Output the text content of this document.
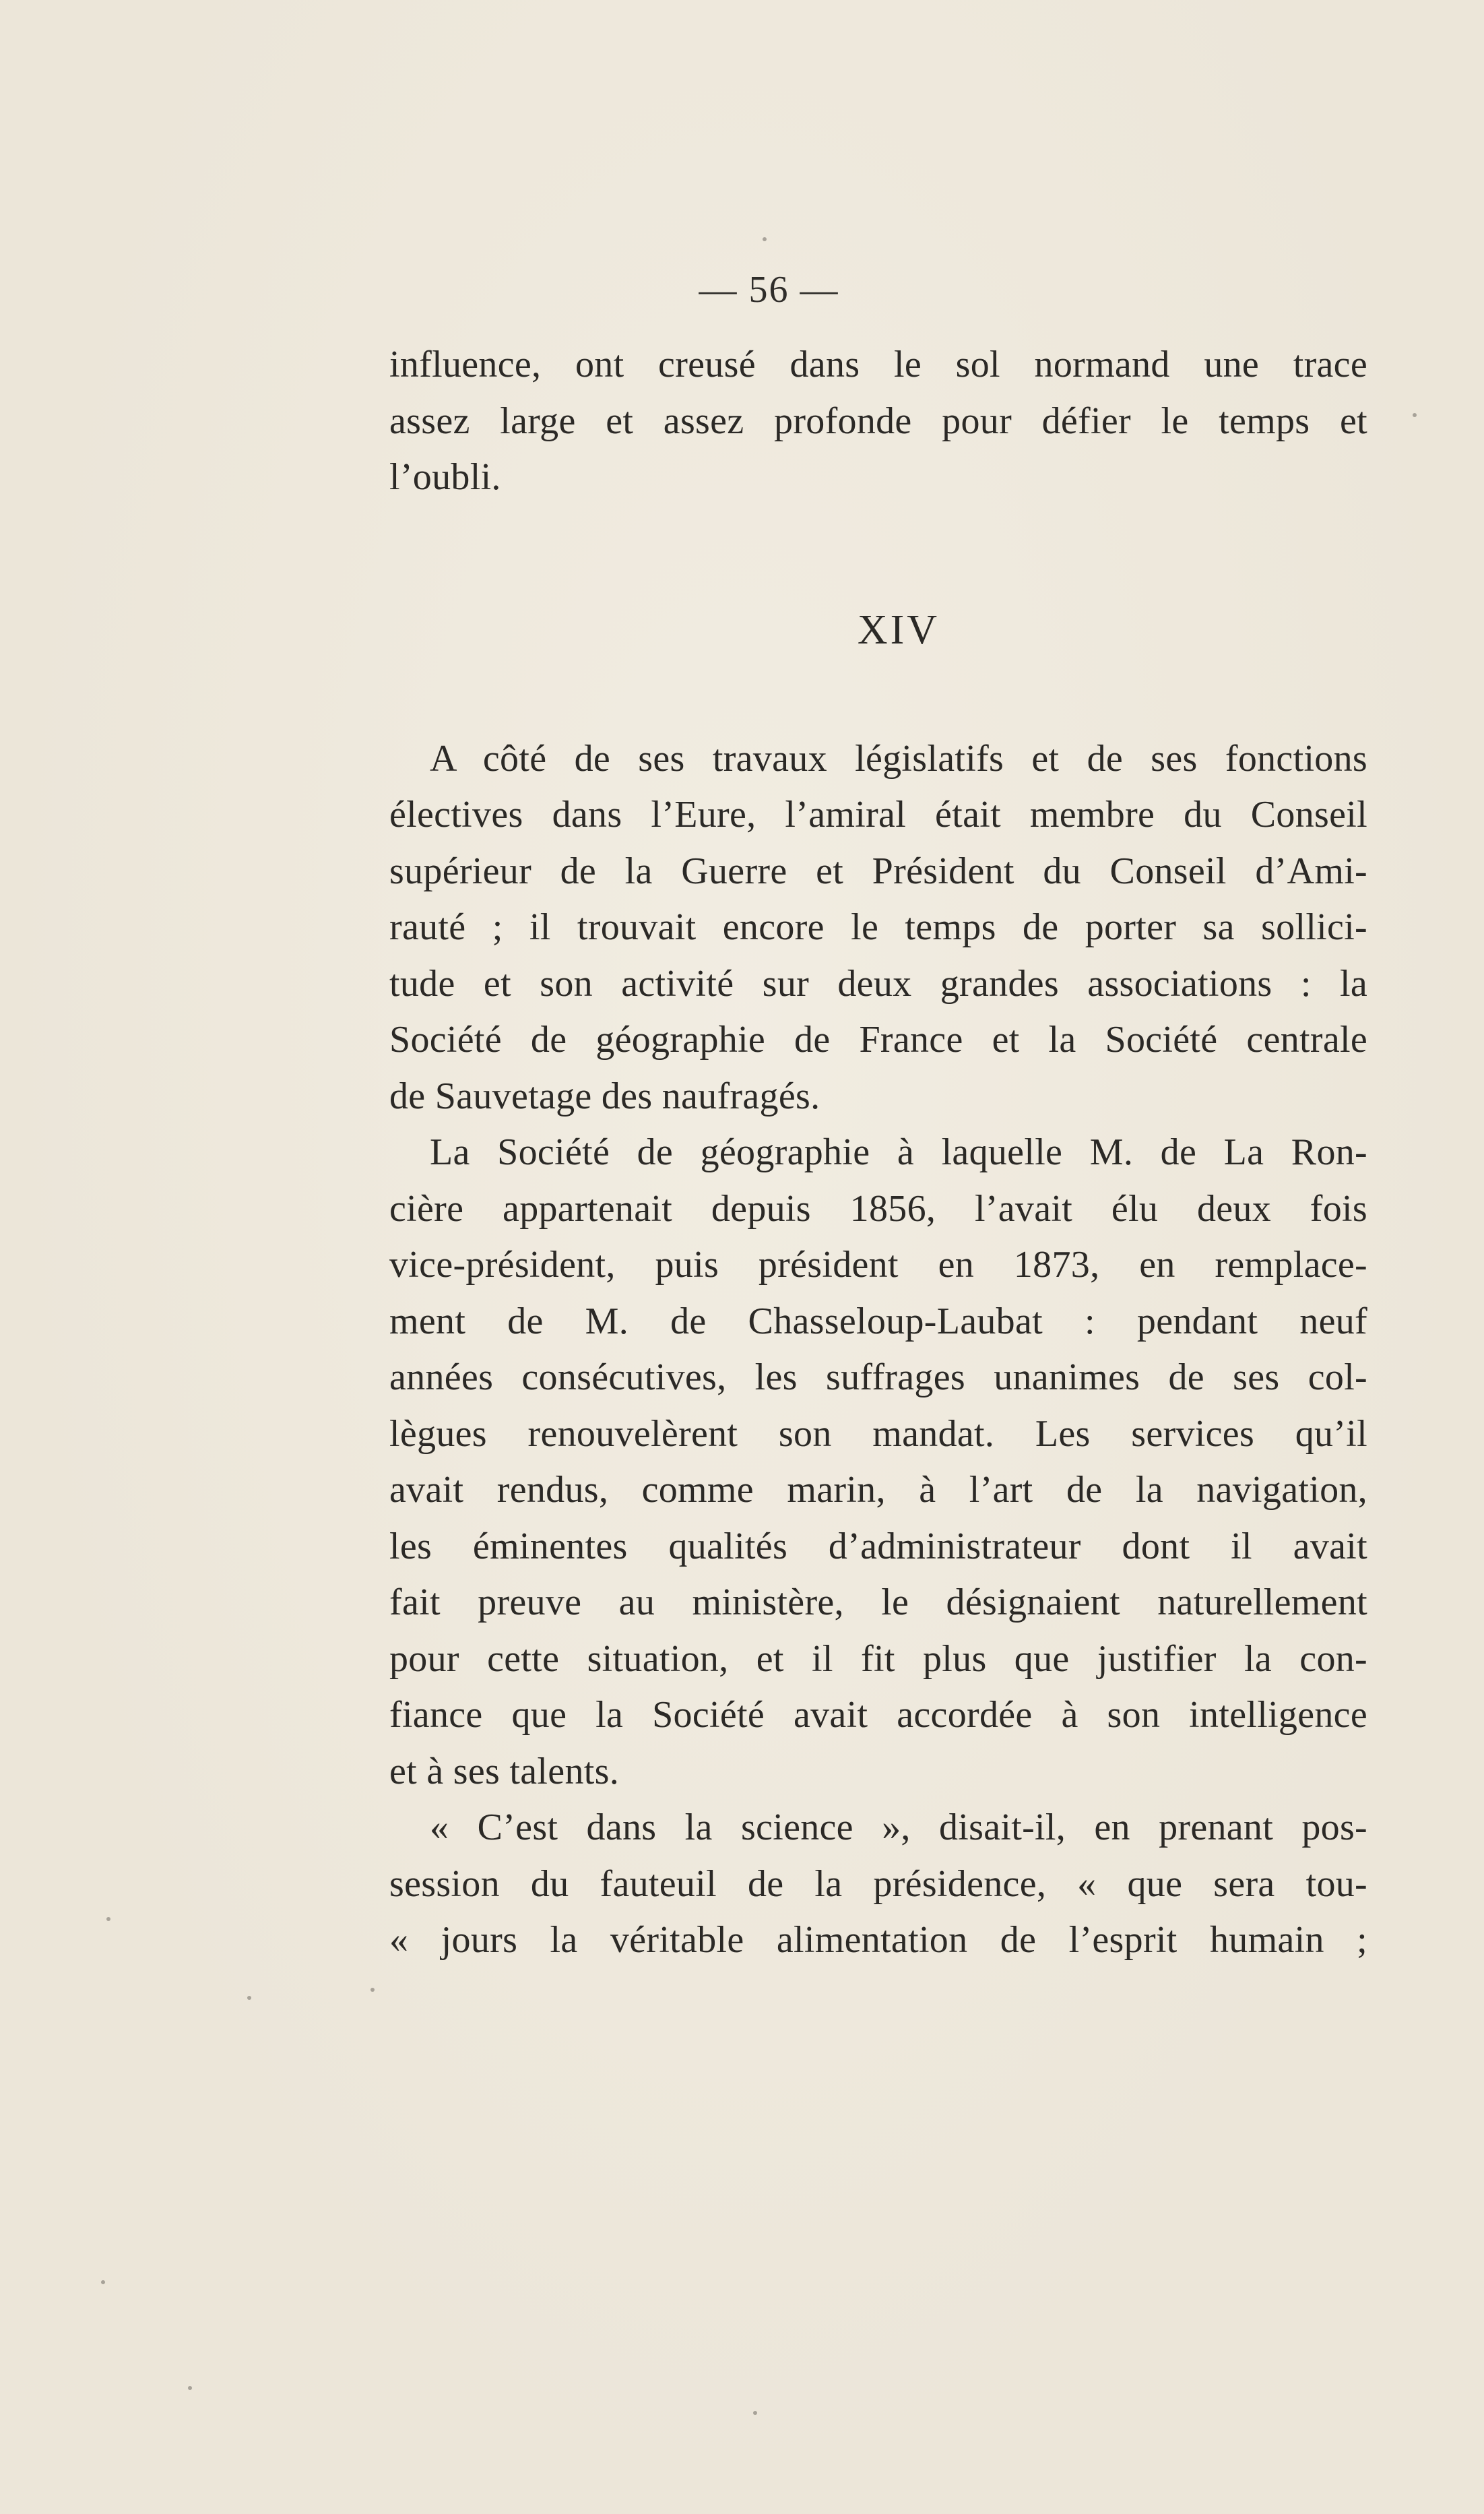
— 56 —
influence, ont creusé dans le sol normand une trace
assez large et assez profonde pour défier le temps et
l’oubli.
XIV
A côté de ses travaux législatifs et de ses fonctions
électives dans l’Eure, l’amiral était membre du Conseil
supérieur de la Guerre et Président du Conseil d’Ami-
rauté ; il trouvait encore le temps de porter sa sollici-
tude et son activité sur deux grandes associations : la
Société de géographie de France et la Société centrale
de Sauvetage des naufragés.
La Société de géographie à laquelle M. de La Ron-
cière appartenait depuis 1856, l’avait élu deux fois
vice-président, puis président en 1873, en remplace-
ment de M. de Chasseloup-Laubat : pendant neuf
années consécutives, les suffrages unanimes de ses col-
lègues renouvelèrent son mandat. Les services qu’il
avait rendus, comme marin, à l’art de la navigation,
les éminentes qualités d’administrateur dont il avait
fait preuve au ministère, le désignaient naturellement
pour cette situation, et il fit plus que justifier la con-
fiance que la Société avait accordée à son intelligence
et à ses talents.
« C’est dans la science », disait-il, en prenant pos-
session du fauteuil de la présidence, « que sera tou-
« jours la véritable alimentation de l’esprit humain ;
